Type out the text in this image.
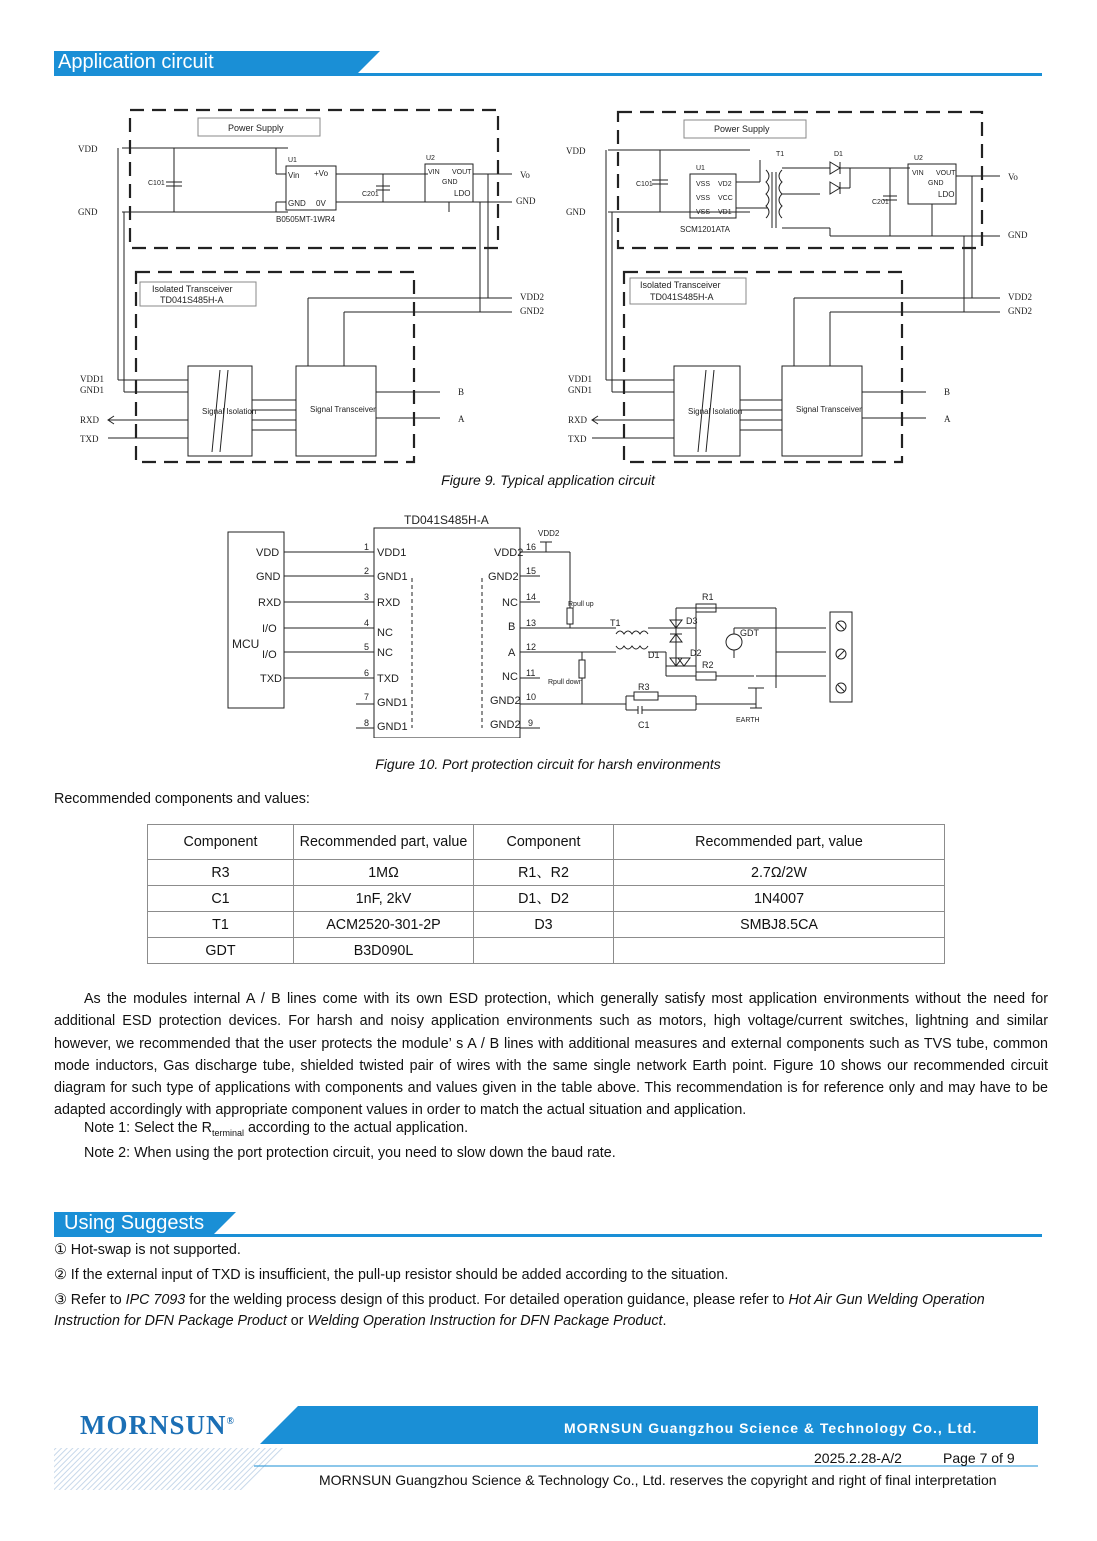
Application circuit
Power Supply
VDD
GND
C101
U1
Vin +Vo
GND 0V
B0505MT-1WR4
C201
U2
VIN VOUT
GND
LDO
Vo
GND
VDD2
GND2
Isolated Transceiver
TD041S485H-A
VDD1
GND1
RXD
TXD
Signal Isolation	Signal Transceiver
B
A
Power Supply
VDD
GND
C101
U1
VSS VD2
VSS VCC
VSS VD1
SCM1201ATA
T1	D1
C201
U2
VIN VOUT
GND
LDO
Vo
GND
VDD2
GND2
Isolated Transceiver
TD041S485H-A
VDD1
GND1
RXD
TXD
Signal Isolation	Signal Transceiver
B
A
Figure 9. Typical application circuit
TD041S485H-A
MCU
VDD
GND
RXD
I/O
I/O
TXD
1 VDD1
2 GND1
3 RXD
4
NC
5 NC
6 TXD
7 GND1
8 GND1
16
VDD2
15
GND2
14
NC
13
B
12
A
11
NC
10
GND2
9
GND2
VDD2
Rpull up
Rpull down
T1
R1
D3
GDT
D1	D2
R2
R3
C1	EARTH
Figure 10. Port protection circuit for harsh environments
Recommended components and values:
Component	Recommended part, value	Component	Recommended part, value
R3	1MΩ	R1、R2	2.7Ω/2W
C1	1nF, 2kV	D1、D2	1N4007
T1	ACM2520-301-2P	D3	SMBJ8.5CA
GDT	B3D090L		
As the modules internal A / B lines come with its own ESD protection, which generally satisfy most application environments without the need for additional ESD protection devices. For harsh and noisy application environments such as motors, high voltage/current switches, lightning and similar however, we recommended that the user protects the module’ s A / B lines with additional measures and external components such as TVS tube, common mode inductors, Gas discharge tube, shielded twisted pair of wires with the same single network Earth point. Figure 10 shows our recommended circuit diagram for such type of applications with components and values given in the table above. This recommendation is for reference only and may have to be adapted accordingly with appropriate component values in order to match the actual situation and application.
Note 1: Select the $R_{terminal}$ according to the actual application.
Note 2: When using the port protection circuit, you need to slow down the baud rate.
Using Suggests
① Hot-swap is not supported.
② If the external input of TXD is insufficient, the pull-up resistor should be added according to the situation.
③ Refer to IPC 7093 for the welding process design of this product. For detailed operation guidance, please refer to Hot Air Gun Welding Operation Instruction for DFN Package Product or Welding Operation Instruction for DFN Package Product.
MORNSUN®	MORNSUN Guangzhou Science & Technology Co., Ltd.
2025.2.28-A/2	Page 7 of 9
MORNSUN Guangzhou Science & Technology Co., Ltd. reserves the copyright and right of final interpretation
